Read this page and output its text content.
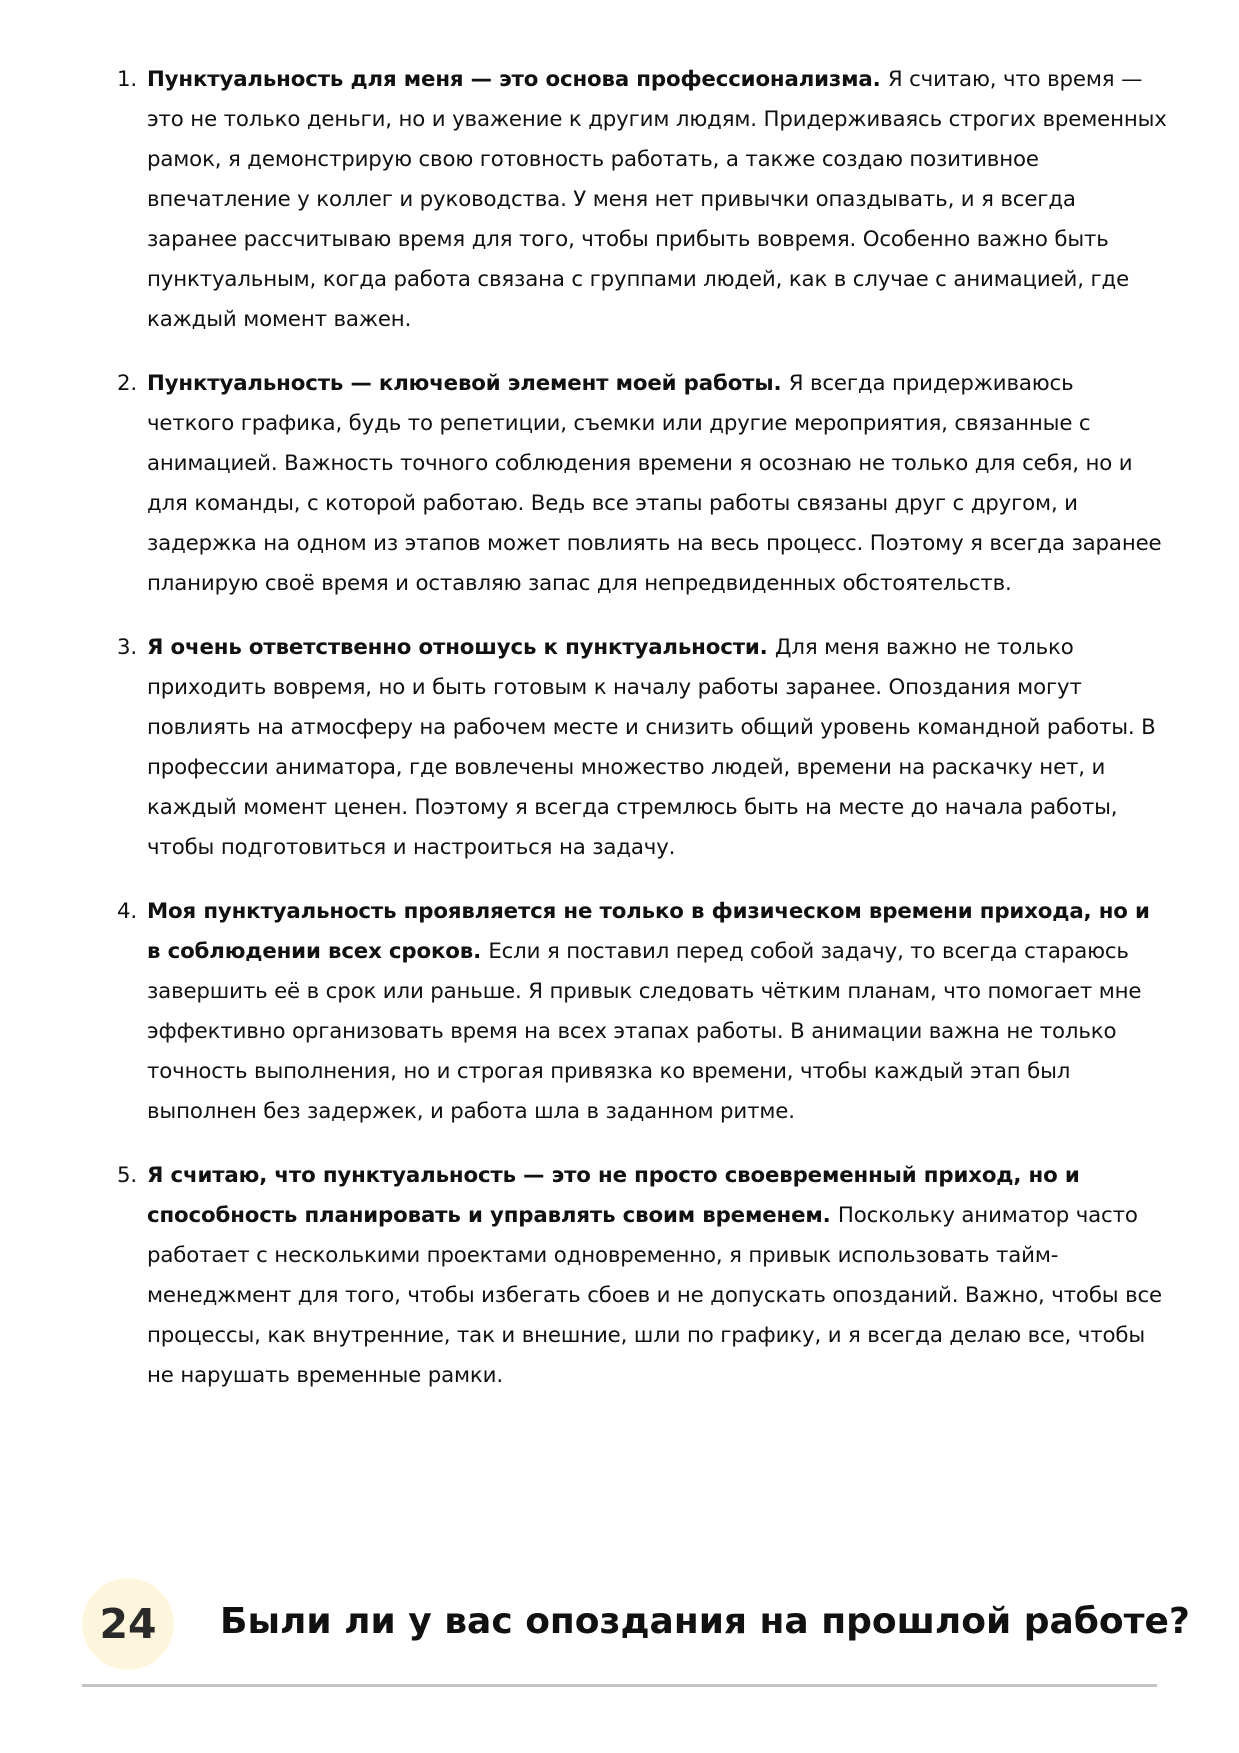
1. Пунктуальность для меня — это основа профессионализма. Я считаю, что время — это не только деньги, но и уважение к другим людям. Придерживаясь строгих временных рамок, я демонстрирую свою готовность работать, а также создаю позитивное впечатление у коллег и руководства. У меня нет привычки опаздывать, и я всегда заранее рассчитываю время для того, чтобы прибыть вовремя. Особенно важно быть пунктуальным, когда работа связана с группами людей, как в случае с анимацией, где каждый момент важен.
2. Пунктуальность — ключевой элемент моей работы. Я всегда придерживаюсь четкого графика, будь то репетиции, съемки или другие мероприятия, связанные с анимацией. Важность точного соблюдения времени я осознаю не только для себя, но и для команды, с которой работаю. Ведь все этапы работы связаны друг с другом, и задержка на одном из этапов может повлиять на весь процесс. Поэтому я всегда заранее планирую своё время и оставляю запас для непредвиденных обстоятельств.
3. Я очень ответственно отношусь к пунктуальности. Для меня важно не только приходить вовремя, но и быть готовым к началу работы заранее. Опоздания могут повлиять на атмосферу на рабочем месте и снизить общий уровень командной работы. В профессии аниматора, где вовлечены множество людей, времени на раскачку нет, и каждый момент ценен. Поэтому я всегда стремлюсь быть на месте до начала работы, чтобы подготовиться и настроиться на задачу.
4. Моя пунктуальность проявляется не только в физическом времени прихода, но и в соблюдении всех сроков. Если я поставил перед собой задачу, то всегда стараюсь завершить её в срок или раньше. Я привык следовать чётким планам, что помогает мне эффективно организовать время на всех этапах работы. В анимации важна не только точность выполнения, но и строгая привязка ко времени, чтобы каждый этап был выполнен без задержек, и работа шла в заданном ритме.
5. Я считаю, что пунктуальность — это не просто своевременный приход, но и способность планировать и управлять своим временем. Поскольку аниматор часто работает с несколькими проектами одновременно, я привык использовать тайм-менеджмент для того, чтобы избегать сбоев и не допускать опозданий. Важно, чтобы все процессы, как внутренние, так и внешние, шли по графику, и я всегда делаю все, чтобы не нарушать временные рамки.
24	Были ли у вас опоздания на прошлой работе?
